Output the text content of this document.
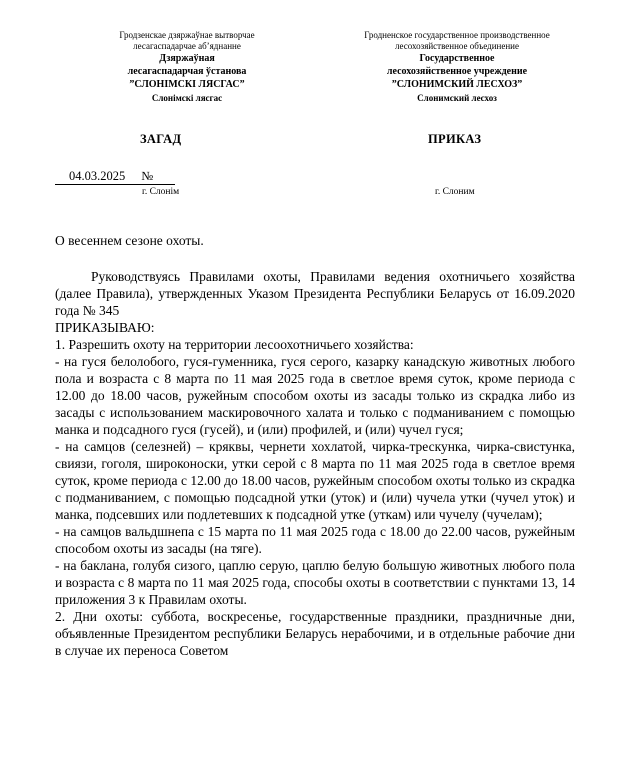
Гродзенскае дзяржаўнае вытворчае
лесагаспадарчае аб’яднанне
Дзяржаўная
лесагаспадарчая ўстанова
”СЛОНІМСКІ ЛЯСГАС”
Слонімскі лясгас
Гродненское государственное производственное
лесохозяйственное объединение
Государственное
лесохозяйственное учреждение
”СЛОНИМСКИЙ ЛЕСХОЗ”
Слонимский лесхоз
ЗАГАД	ПРИКАЗ
04.03.2025 №
г. Слонім	г. Слоним
О весеннем сезоне охоты.

Руководствуясь Правилами охоты, Правилами ведения охотничьего хозяйства (далее Правила), утвержденных Указом Президента Республики Беларусь от 16.09.2020 года № 345

ПРИКАЗЫВАЮ:

1. Разрешить охоту на территории лесоохотничьего хозяйства:

- на гуся белолобого, гуся-гуменника, гуся серого, казарку канадскую животных любого пола и возраста с 8 марта по 11 мая 2025 года в светлое время суток, кроме периода с 12.00 до 18.00 часов, ружейным способом охоты из засады только из скрадка либо из засады с использованием маскировочного халата и только с подманиванием с помощью манка и подсадного гуся (гусей), и (или) профилей, и (или) чучел гуся;

- на самцов (селезней) – кряквы, чернети хохлатой, чирка-трескунка, чирка-свистунка, свиязи, гоголя, широконоски, утки серой с 8 марта по 11 мая 2025 года в светлое время суток, кроме периода с 12.00 до 18.00 часов, ружейным способом охоты только из скрадка с подманиванием, с помощью подсадной утки (уток) и (или) чучела утки (чучел уток) и манка, подсевших или подлетевших к подсадной утке (уткам) или чучелу (чучелам);

- на самцов вальдшнепа с 15 марта по 11 мая 2025 года с 18.00 до 22.00 часов, ружейным способом охоты из засады (на тяге).

- на баклана, голубя сизого, цаплю серую, цаплю белую большую животных любого пола и возраста с 8 марта по 11 мая 2025 года, способы охоты в соответствии с пунктами 13, 14 приложения 3 к Правилам охоты.

2. Дни охоты: суббота, воскресенье, государственные праздники, праздничные дни, объявленные Президентом республики Беларусь нерабочими, и в отдельные рабочие дни в случае их переноса Советом
